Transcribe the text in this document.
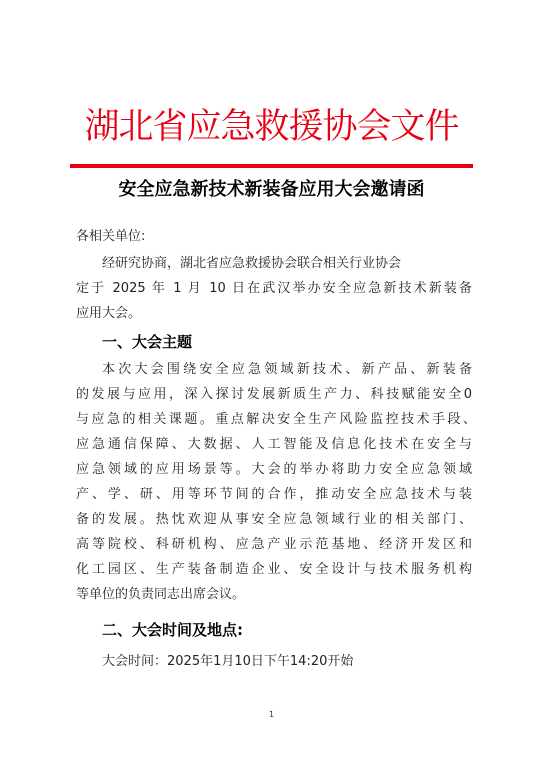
湖北省应急救援协会文件
安全应急新技术新装备应用大会邀请函
各相关单位:
经研究协商，湖北省应急救援协会联合相关行业协会
定于 2025 年 1 月 10 日在武汉举办安全应急新技术新装备
应用大会。
一、大会主题
本次大会围绕安全应急领域新技术、新产品、新装备
的发展与应用，深入探讨发展新质生产力、科技赋能安全0
与应急的相关课题。重点解决安全生产风险监控技术手段、
应急通信保障、大数据、人工智能及信息化技术在安全与
应急领域的应用场景等。大会的举办将助力安全应急领域
产、学、研、用等环节间的合作，推动安全应急技术与装
备的发展。热忱欢迎从事安全应急领域行业的相关部门、
高等院校、科研机构、应急产业示范基地、经济开发区和
化工园区、生产装备制造企业、安全设计与技术服务机构
等单位的负责同志出席会议。
二、大会时间及地点:
大会时间：2025年1月10日下午14:20开始
1
